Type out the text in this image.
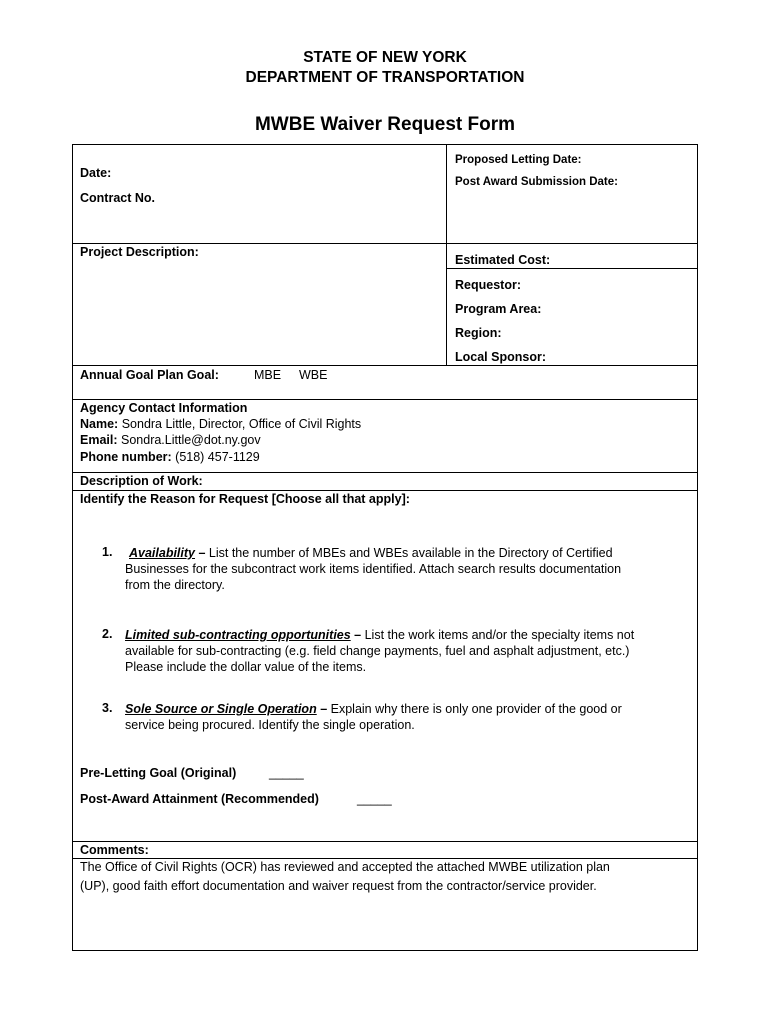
STATE OF NEW YORK
DEPARTMENT OF TRANSPORTATION
MWBE Waiver Request Form
Date:
Contract No.
Proposed Letting Date:
Post Award Submission Date:
Project Description:
Estimated Cost:
Requestor:
Program Area:
Region:
Local Sponsor:
Annual Goal Plan Goal:	MBE WBE
Agency Contact Information
Name: Sondra Little, Director, Office of Civil Rights
Email: Sondra.Little@dot.ny.gov
Phone number: (518) 457-1129
Description of Work:
Identify the Reason for Request [Choose all that apply]:
1.	Availability – List the number of MBEs and WBEs available in the Directory of Certified
Businesses for the subcontract work items identified. Attach search results documentation
from the directory.
2. Limited sub-contracting opportunities – List the work items and/or the specialty items not
available for sub-contracting (e.g. field change payments, fuel and asphalt adjustment, etc.)
Please include the dollar value of the items.
3. Sole Source or Single Operation – Explain why there is only one provider of the good or
service being procured. Identify the single operation.
Pre-Letting Goal (Original)	_____
Post-Award Attainment (Recommended)	_____
Comments:
The Office of Civil Rights (OCR) has reviewed and accepted the attached MWBE utilization plan
(UP), good faith effort documentation and waiver request from the contractor/service provider.
